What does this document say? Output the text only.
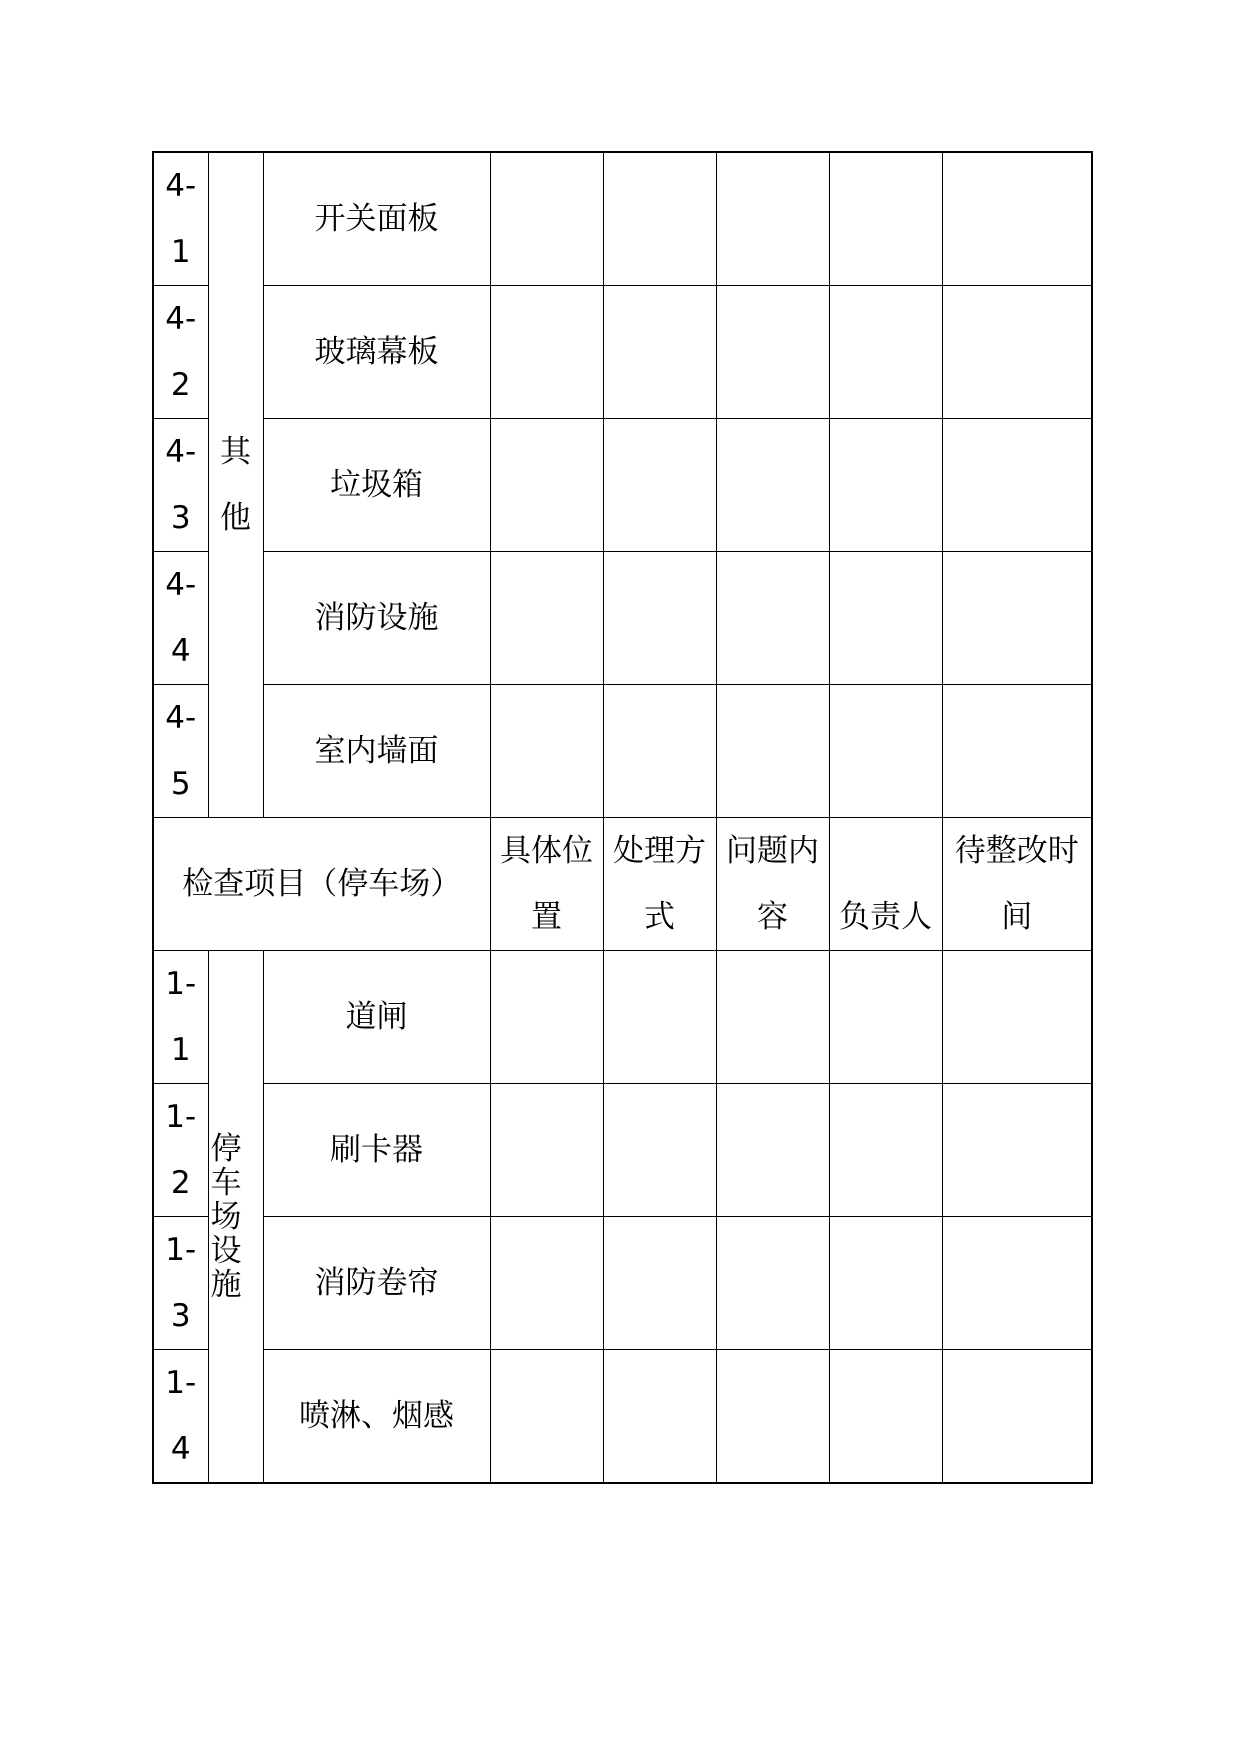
4-1	其他	开关面板					
4-2		玻璃幕板					
4-3		垃圾箱					
4-4		消防设施					
4-5		室内墙面					
检查项目（停车场）			具体位置	处理方式	问题内容	负责人	待整改时间
1-1	停车场设施	道闸					
1-2		刷卡器					
1-3		消防卷帘					
1-4		喷淋、烟感					
